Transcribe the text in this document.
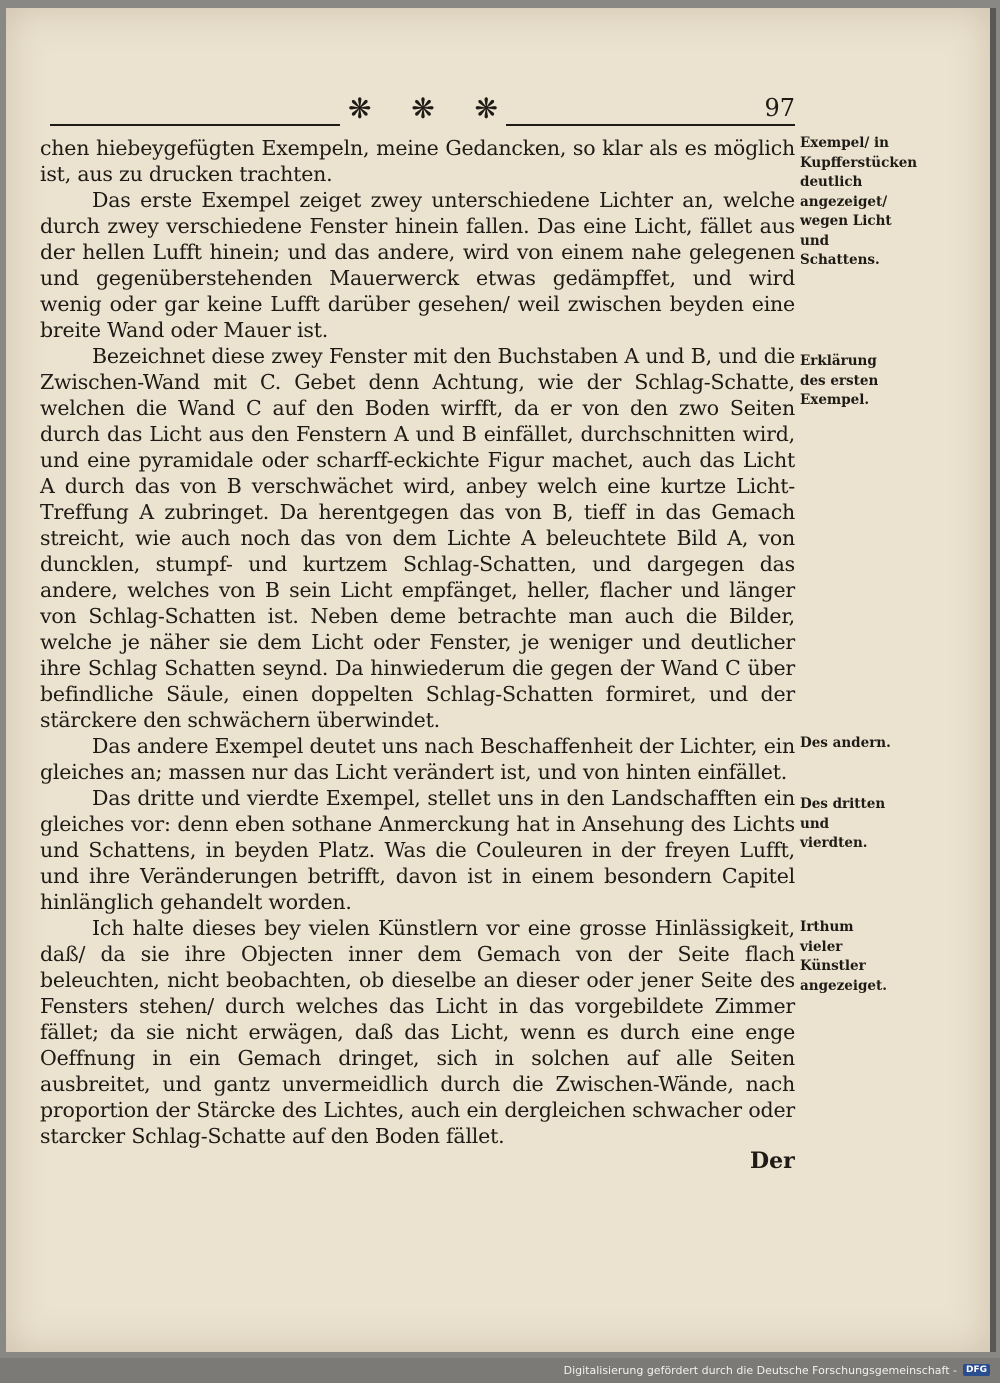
❋ ❋ ❋	97

chen hiebeygefügten Exempeln, meine Gedancken, so klar als es möglich ist, aus zu drucken trachten.

Das erste Exempel zeiget zwey unterschiedene Lichter an, welche durch zwey verschiedene Fenster hinein fallen. Das eine Licht, fället aus der hellen Lufft hinein; und das andere, wird von einem nahe gelegenen und gegenüberstehenden Mauerwerck etwas gedämpffet, und wird wenig oder gar keine Lufft darüber gesehen/ weil zwischen beyden eine breite Wand oder Mauer ist.

Bezeichnet diese zwey Fenster mit den Buchstaben A und B, und die Zwischen-Wand mit C. Gebet denn Achtung, wie der Schlag-Schatte, welchen die Wand C auf den Boden wirfft, da er von den zwo Seiten durch das Licht aus den Fenstern A und B einfället, durchschnitten wird, und eine pyramidale oder scharff-eckichte Figur machet, auch das Licht A durch das von B verschwächet wird, anbey welch eine kurtze Licht-Treffung A zubringet. Da herentgegen das von B, tieff in das Gemach streicht, wie auch noch das von dem Lichte A beleuchtete Bild A, von duncklen, stumpf- und kurtzem Schlag-Schatten, und dargegen das andere, welches von B sein Licht empfänget, heller, flacher und länger von Schlag-Schatten ist. Neben deme betrachte man auch die Bilder, welche je näher sie dem Licht oder Fenster, je weniger und deutlicher ihre Schlag Schatten seynd. Da hinwiederum die gegen der Wand C über befindliche Säule, einen doppelten Schlag-Schatten formiret, und der stärckere den schwächern überwindet.

Das andere Exempel deutet uns nach Beschaffenheit der Lichter, ein gleiches an; massen nur das Licht verändert ist, und von hinten einfället.

Das dritte und vierdte Exempel, stellet uns in den Landschafften ein gleiches vor: denn eben sothane Anmerckung hat in Ansehung des Lichts und Schattens, in beyden Platz. Was die Couleuren in der freyen Lufft, und ihre Veränderungen betrifft, davon ist in einem besondern Capitel hinlänglich gehandelt worden.

Ich halte dieses bey vielen Künstlern vor eine grosse Hinlässigkeit, daß/ da sie ihre Objecten inner dem Gemach von der Seite flach beleuchten, nicht beobachten, ob dieselbe an dieser oder jener Seite des Fensters stehen/ durch welches das Licht in das vorgebildete Zimmer fället; da sie nicht erwägen, daß das Licht, wenn es durch eine enge Oeffnung in ein Gemach dringet, sich in solchen auf alle Seiten ausbreitet, und gantz unvermeidlich durch die Zwischen-Wände, nach proportion der Stärcke des Lichtes, auch ein dergleichen schwacher oder starcker Schlag-Schatte auf den Boden fället.

Der
Exempel/ in Kupfferstücken deutlich angezeiget/ wegen Licht und Schattens.
Erklärung des ersten Exempel.
Des andern.
Des dritten und vierdten.
Irthum vieler Künstler angezeiget.
Digitalisierung gefördert durch die Deutsche Forschungsgemeinschaft -	DFG
